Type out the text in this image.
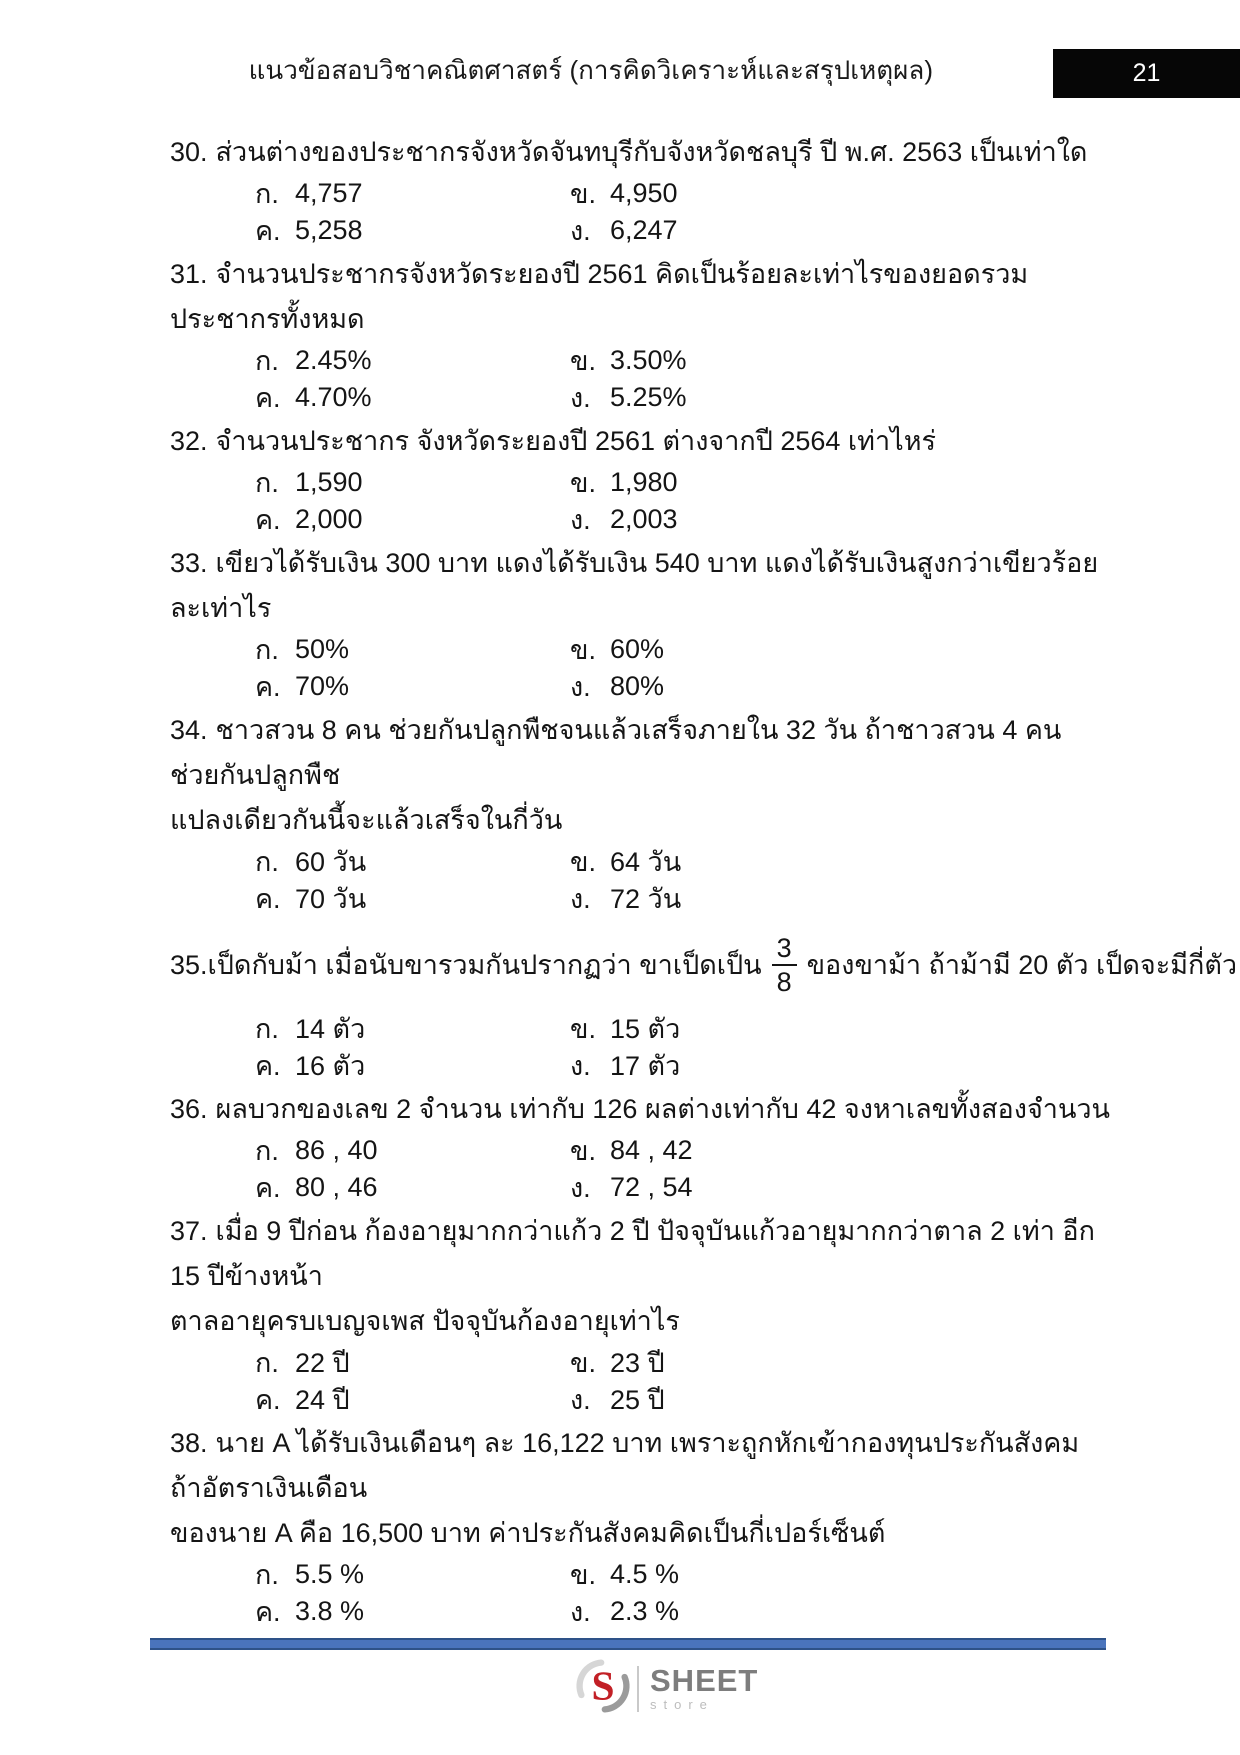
แนวข้อสอบวิชาคณิตศาสตร์ (การคิดวิเคราะห์และสรุปเหตุผล)	21
30. ส่วนต่างของประชากรจังหวัดจันทบุรีกับจังหวัดชลบุรี ปี พ.ศ. 2563 เป็นเท่าใด
ก. 4,757	ข. 4,950
ค. 5,258	ง. 6,247
31. จำนวนประชากรจังหวัดระยองปี 2561 คิดเป็นร้อยละเท่าไรของยอดรวมประชากรทั้งหมด
ก. 2.45%	ข. 3.50%
ค. 4.70%	ง. 5.25%
32. จำนวนประชากร จังหวัดระยองปี 2561 ต่างจากปี 2564 เท่าไหร่
ก. 1,590	ข. 1,980
ค. 2,000	ง. 2,003
33. เขียวได้รับเงิน 300 บาท แดงได้รับเงิน 540 บาท แดงได้รับเงินสูงกว่าเขียวร้อยละเท่าไร
ก. 50%	ข. 60%
ค. 70%	ง. 80%
34. ชาวสวน 8 คน ช่วยกันปลูกพืชจนแล้วเสร็จภายใน 32 วัน ถ้าชาวสวน 4 คน ช่วยกันปลูกพืช
แปลงเดียวกันนี้จะแล้วเสร็จในกี่วัน
ก. 60 วัน	ข. 64 วัน
ค. 70 วัน	ง. 72 วัน
35. เป็ดกับม้า เมื่อนับขารวมกันปรากฏว่า ขาเป็ดเป็น $\frac{3}{8}$ ของขาม้า ถ้าม้ามี 20 ตัว เป็ดจะมีกี่ตัว
ก. 14 ตัว	ข. 15 ตัว
ค. 16 ตัว	ง. 17 ตัว
36. ผลบวกของเลข 2 จำนวน เท่ากับ 126 ผลต่างเท่ากับ 42 จงหาเลขทั้งสองจำนวน
ก. 86 , 40	ข. 84 , 42
ค. 80 , 46	ง. 72 , 54
37. เมื่อ 9 ปีก่อน ก้องอายุมากกว่าแก้ว 2 ปี ปัจจุบันแก้วอายุมากกว่าตาล 2 เท่า อีก 15 ปีข้างหน้า
ตาลอายุครบเบญจเพส ปัจจุบันก้องอายุเท่าไร
ก. 22 ปี	ข. 23 ปี
ค. 24 ปี	ง. 25 ปี
38. นาย A ได้รับเงินเดือนๆ ละ 16,122 บาท เพราะถูกหักเข้ากองทุนประกันสังคม ถ้าอัตราเงินเดือน
ของนาย A คือ 16,500 บาท ค่าประกันสังคมคิดเป็นกี่เปอร์เซ็นต์
ก. 5.5 %	ข. 4.5 %
ค. 3.8 %	ง. 2.3 %
S SHEET
store
